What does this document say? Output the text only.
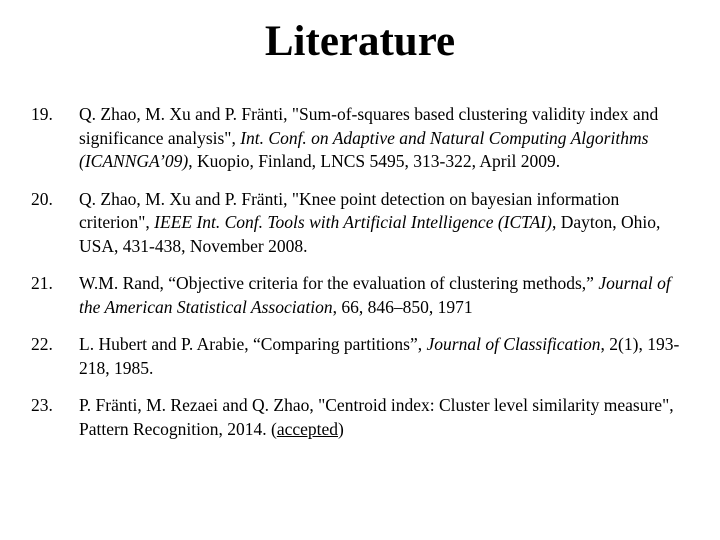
Literature
19.	Q. Zhao, M. Xu and P. Fränti, "Sum-of-squares based clustering validity index and significance analysis", Int. Conf. on Adaptive and Natural Computing Algorithms (ICANNGA’09), Kuopio, Finland, LNCS 5495, 313-322, April 2009.
20.	Q. Zhao, M. Xu and P. Fränti, "Knee point detection on bayesian information criterion", IEEE Int. Conf. Tools with Artificial Intelligence (ICTAI), Dayton, Ohio, USA, 431-438, November 2008.
21.	W.M. Rand, “Objective criteria for the evaluation of clustering methods,” Journal of the American Statistical Association, 66, 846–850, 1971
22.	L. Hubert and P. Arabie, “Comparing partitions”, Journal of Classification, 2(1), 193-218, 1985.
23.	P. Fränti, M. Rezaei and Q. Zhao, "Centroid index: Cluster level similarity measure", Pattern Recognition, 2014. (accepted)
